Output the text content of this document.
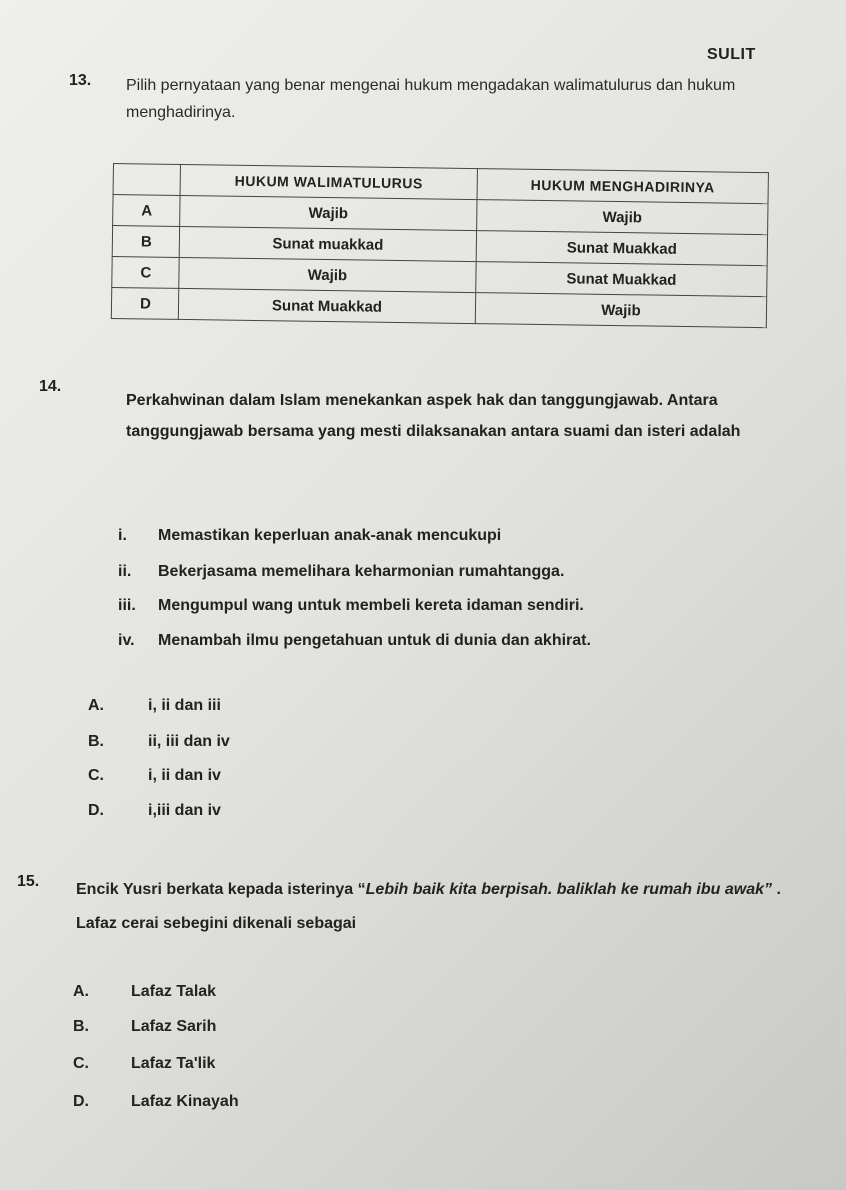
SULIT
13. Pilih pernyataan yang benar mengenai hukum mengadakan walimatulurus dan hukum menghadirinya.
	HUKUM WALIMATULURUS	HUKUM MENGHADIRINYA
A	Wajib	Wajib
B	Sunat muakkad	Sunat Muakkad
C	Wajib	Sunat Muakkad
D	Sunat Muakkad	Wajib
14.
Perkahwinan dalam Islam menekankan aspek hak dan tanggungjawab. Antara tanggungjawab bersama yang mesti dilaksanakan antara suami dan isteri adalah
i. Memastikan keperluan anak-anak mencukupi
ii. Bekerjasama memelihara keharmonian rumahtangga.
iii. Mengumpul wang untuk membeli kereta idaman sendiri.
iv. Menambah ilmu pengetahuan untuk di dunia dan akhirat.
A.	i, ii dan iii
B.	ii, iii dan iv
C.	i, ii dan iv
D.	i,iii dan iv
15. Encik Yusri berkata kepada isterinya “Lebih baik kita berpisah. baliklah ke rumah ibu awak” . Lafaz cerai sebegini dikenali sebagai
A.	Lafaz Talak
B.	Lafaz Sarih
C.	Lafaz Ta'lik
D.	Lafaz Kinayah
